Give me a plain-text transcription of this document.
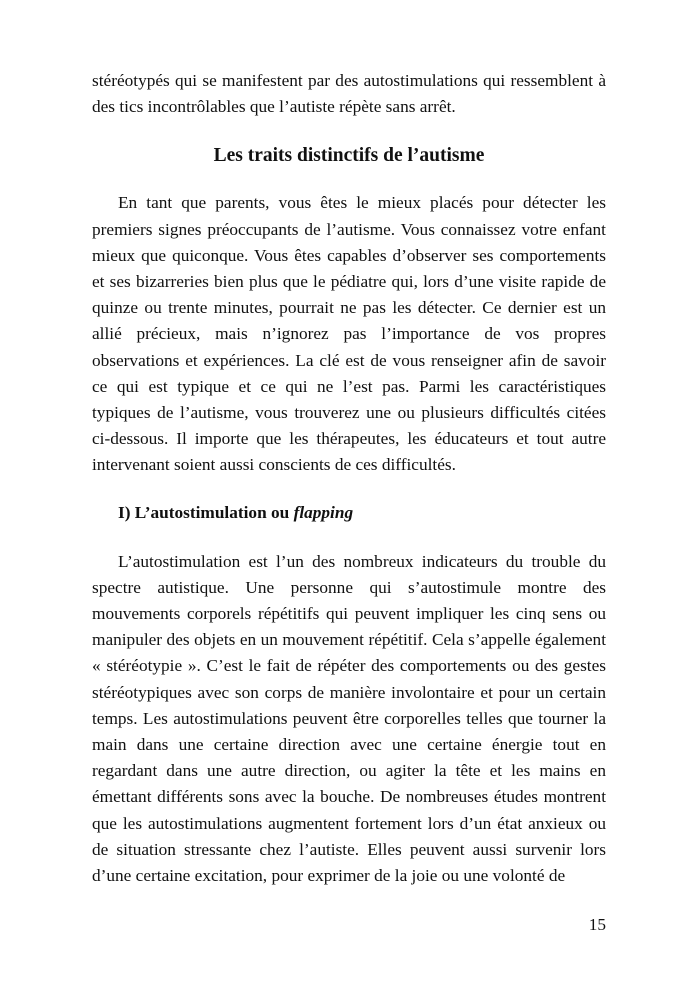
stéréotypés qui se manifestent par des autostimulations qui ressemblent à des tics incontrôlables que l’autiste répète sans arrêt.

Les traits distinctifs de l’autisme

En tant que parents, vous êtes le mieux placés pour détecter les premiers signes préoccupants de l’autisme. Vous connaissez votre enfant mieux que quiconque. Vous êtes capables d’observer ses comportements et ses bizarreries bien plus que le pédiatre qui, lors d’une visite rapide de quinze ou trente minutes, pourrait ne pas les détecter. Ce dernier est un allié précieux, mais n’ignorez pas l’importance de vos propres observations et expériences. La clé est de vous renseigner afin de savoir ce qui est typique et ce qui ne l’est pas. Parmi les caractéristiques typiques de l’autisme, vous trouverez une ou plusieurs difficultés citées ci-dessous. Il importe que les thérapeutes, les éducateurs et tout autre intervenant soient aussi conscients de ces difficultés.

I) L’autostimulation ou flapping

L’autostimulation est l’un des nombreux indicateurs du trouble du spectre autistique. Une personne qui s’autostimule montre des mouvements corporels répétitifs qui peuvent impliquer les cinq sens ou manipuler des objets en un mouvement répétitif. Cela s’appelle également « stéréotypie ». C’est le fait de répéter des comportements ou des gestes stéréotypiques avec son corps de manière involontaire et pour un certain temps. Les autostimulations peuvent être corporelles telles que tourner la main dans une certaine direction avec une certaine énergie tout en regardant dans une autre direction, ou agiter la tête et les mains en émettant différents sons avec la bouche. De nombreuses études montrent que les autostimulations augmentent fortement lors d’un état anxieux ou de situation stressante chez l’autiste. Elles peuvent aussi survenir lors d’une certaine excitation, pour exprimer de la joie ou une volonté de

15
